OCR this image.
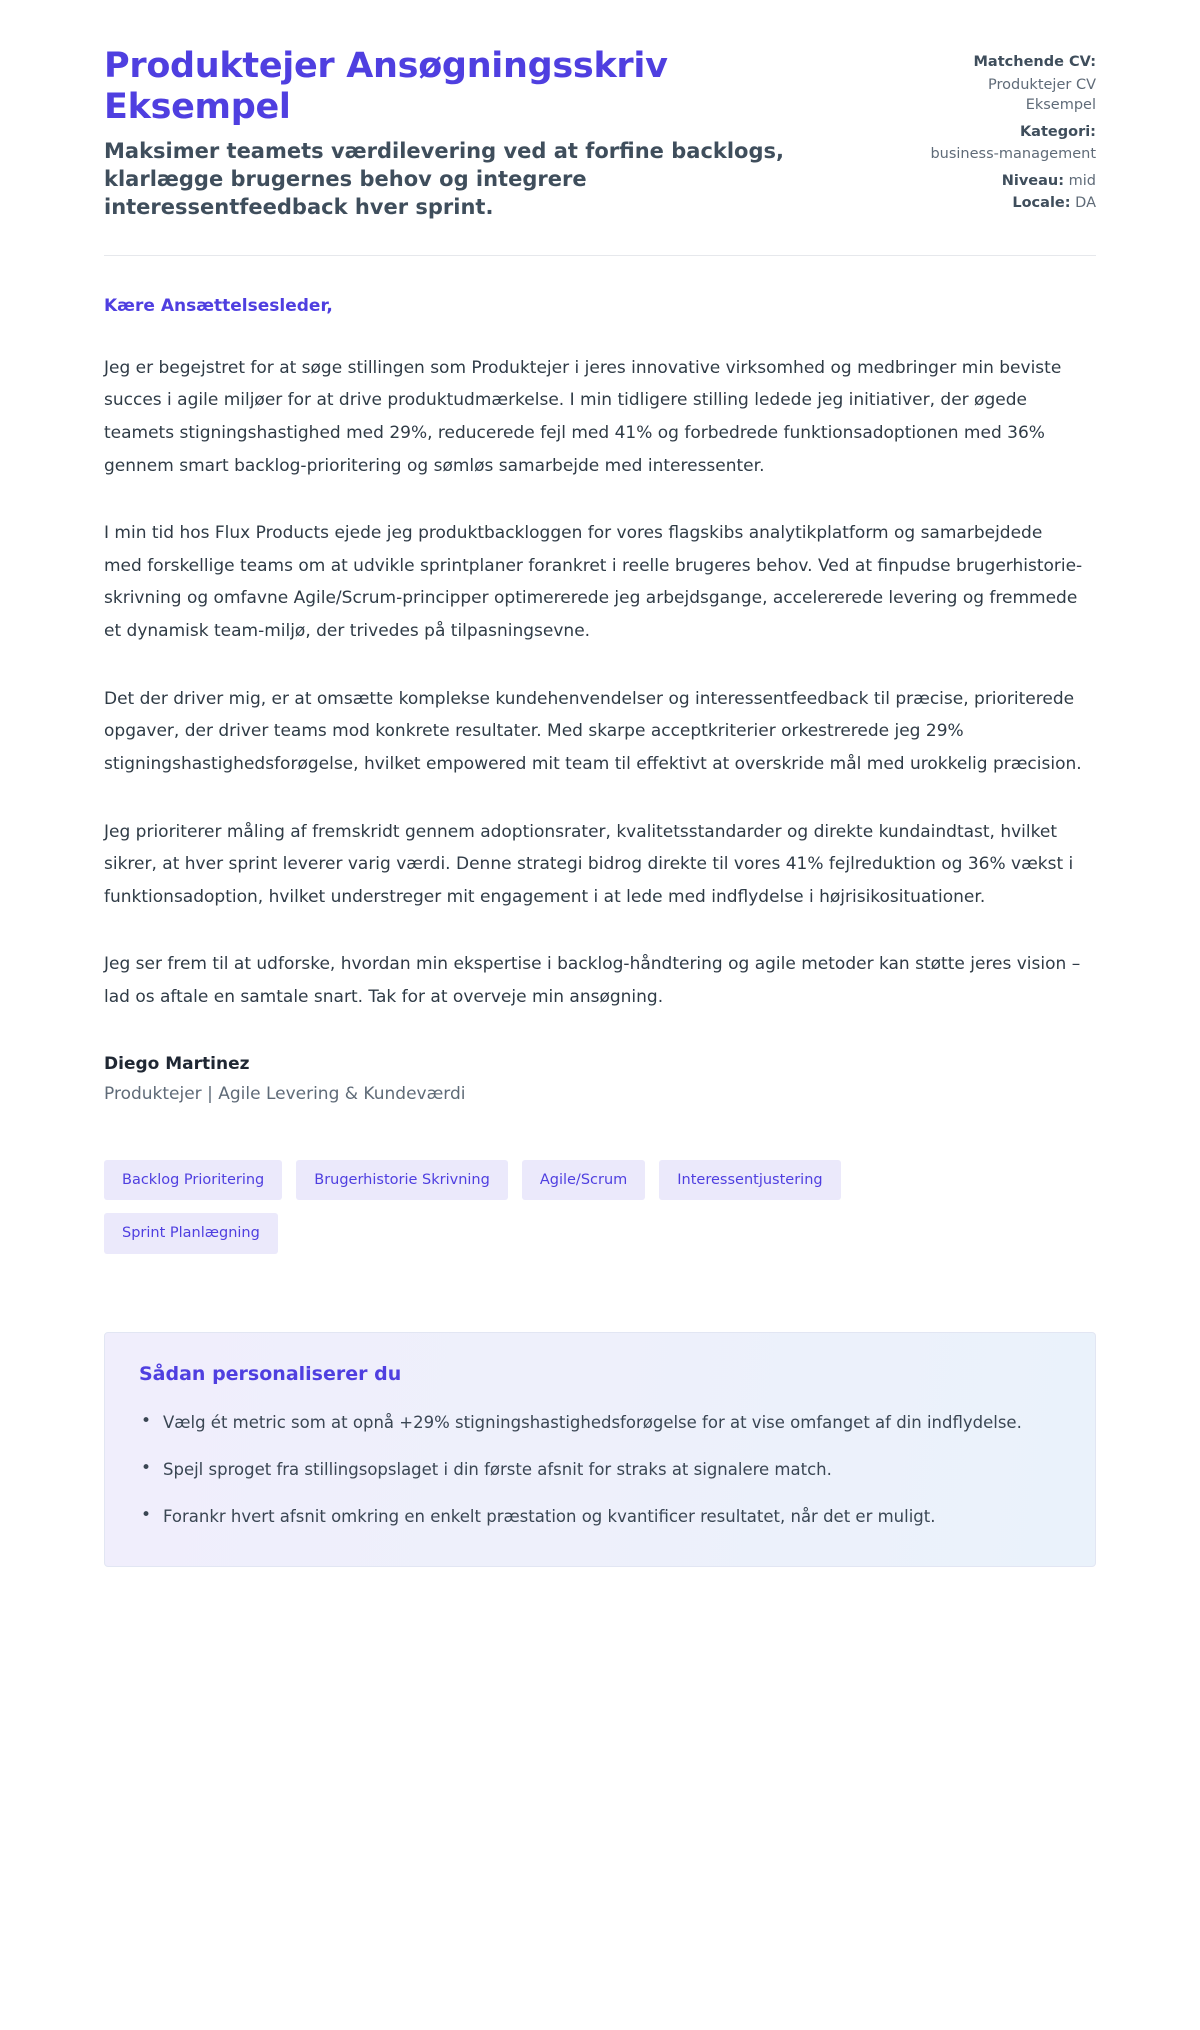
Produktejer Ansøgningsskriv Eksempel

Maksimer teamets værdilevering ved at forfine backlogs, klarlægge brugernes behov og integrere interessentfeedback hver sprint.

Matchende CV:
Produktejer CV Eksempel
Kategori:
business-management
Niveau: mid
Locale: DA

Kære Ansættelsesleder,

Jeg er begejstret for at søge stillingen som Produktejer i jeres innovative virksomhed og medbringer min beviste succes i agile miljøer for at drive produktudmærkelse. I min tidligere stilling ledede jeg initiativer, der øgede teamets stigningshastighed med 29%, reducerede fejl med 41% og forbedrede funktionsadoptionen med 36% gennem smart backlog-prioritering og sømløs samarbejde med interessenter.

I min tid hos Flux Products ejede jeg produktbackloggen for vores flagskibs analytikplatform og samarbejdede med forskellige teams om at udvikle sprintplaner forankret i reelle brugeres behov. Ved at finpudse brugerhistorie-skrivning og omfavne Agile/Scrum-principper optimererede jeg arbejdsgange, accelererede levering og fremmede et dynamisk team-miljø, der trivedes på tilpasningsevne.

Det der driver mig, er at omsætte komplekse kundehenvendelser og interessentfeedback til præcise, prioriterede opgaver, der driver teams mod konkrete resultater. Med skarpe acceptkriterier orkestrerede jeg 29% stigningshastighedsforøgelse, hvilket empowered mit team til effektivt at overskride mål med urokkelig præcision.

Jeg prioriterer måling af fremskridt gennem adoptionsrater, kvalitetsstandarder og direkte kundaindtast, hvilket sikrer, at hver sprint leverer varig værdi. Denne strategi bidrog direkte til vores 41% fejlreduktion og 36% vækst i funktionsadoption, hvilket understreger mit engagement i at lede med indflydelse i højrisikosituationer.

Jeg ser frem til at udforske, hvordan min ekspertise i backlog-håndtering og agile metoder kan støtte jeres vision – lad os aftale en samtale snart. Tak for at overveje min ansøgning.

Diego Martinez

Produktejer | Agile Levering & Kundeværdi

Backlog Prioritering	Brugerhistorie Skrivning	Agile/Scrum	Interessentjustering
Sprint Planlægning
Sådan personaliserer du
• Vælg ét metric som at opnå +29% stigningshastighedsforøgelse for at vise omfanget af din indflydelse.
• Spejl sproget fra stillingsopslaget i din første afsnit for straks at signalere match.
• Forankr hvert afsnit omkring en enkelt præstation og kvantificer resultatet, når det er muligt.
